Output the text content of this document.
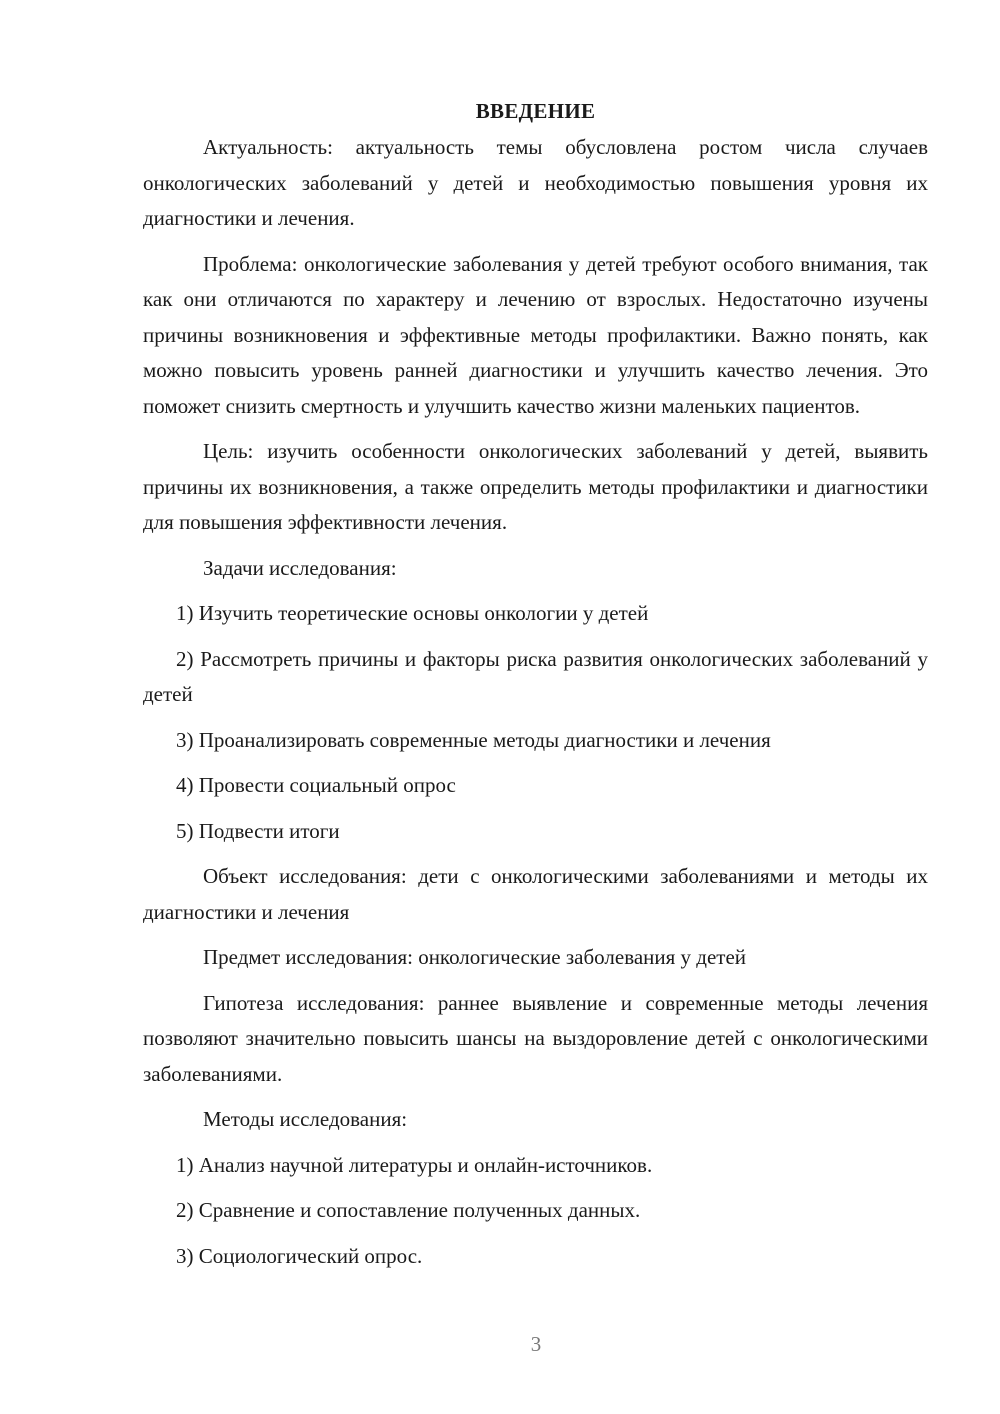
ВВЕДЕНИЕ

Актуальность: актуальность темы обусловлена ростом числа случаев онкологических заболеваний у детей и необходимостью повышения уровня их диагностики и лечения.

Проблема: онкологические заболевания у детей требуют особого внимания, так как они отличаются по характеру и лечению от взрослых. Недостаточно изучены причины возникновения и эффективные методы профилактики. Важно понять, как можно повысить уровень ранней диагностики и улучшить качество лечения. Это поможет снизить смертность и улучшить качество жизни маленьких пациентов.

Цель: изучить особенности онкологических заболеваний у детей, выявить причины их возникновения, а также определить методы профилактики и диагностики для повышения эффективности лечения.

Задачи исследования:

1) Изучить теоретические основы онкологии у детей

2) Рассмотреть причины и факторы риска развития онкологических заболеваний у детей

3) Проанализировать современные методы диагностики и лечения

4) Провести социальный опрос

5) Подвести итоги

Объект исследования: дети с онкологическими заболеваниями и методы их диагностики и лечения

Предмет исследования: онкологические заболевания у детей

Гипотеза исследования: раннее выявление и современные методы лечения позволяют значительно повысить шансы на выздоровление детей с онкологическими заболеваниями.

Методы исследования:

1) Анализ научной литературы и онлайн-источников.

2) Сравнение и сопоставление полученных данных.

3) Социологический опрос.

3
